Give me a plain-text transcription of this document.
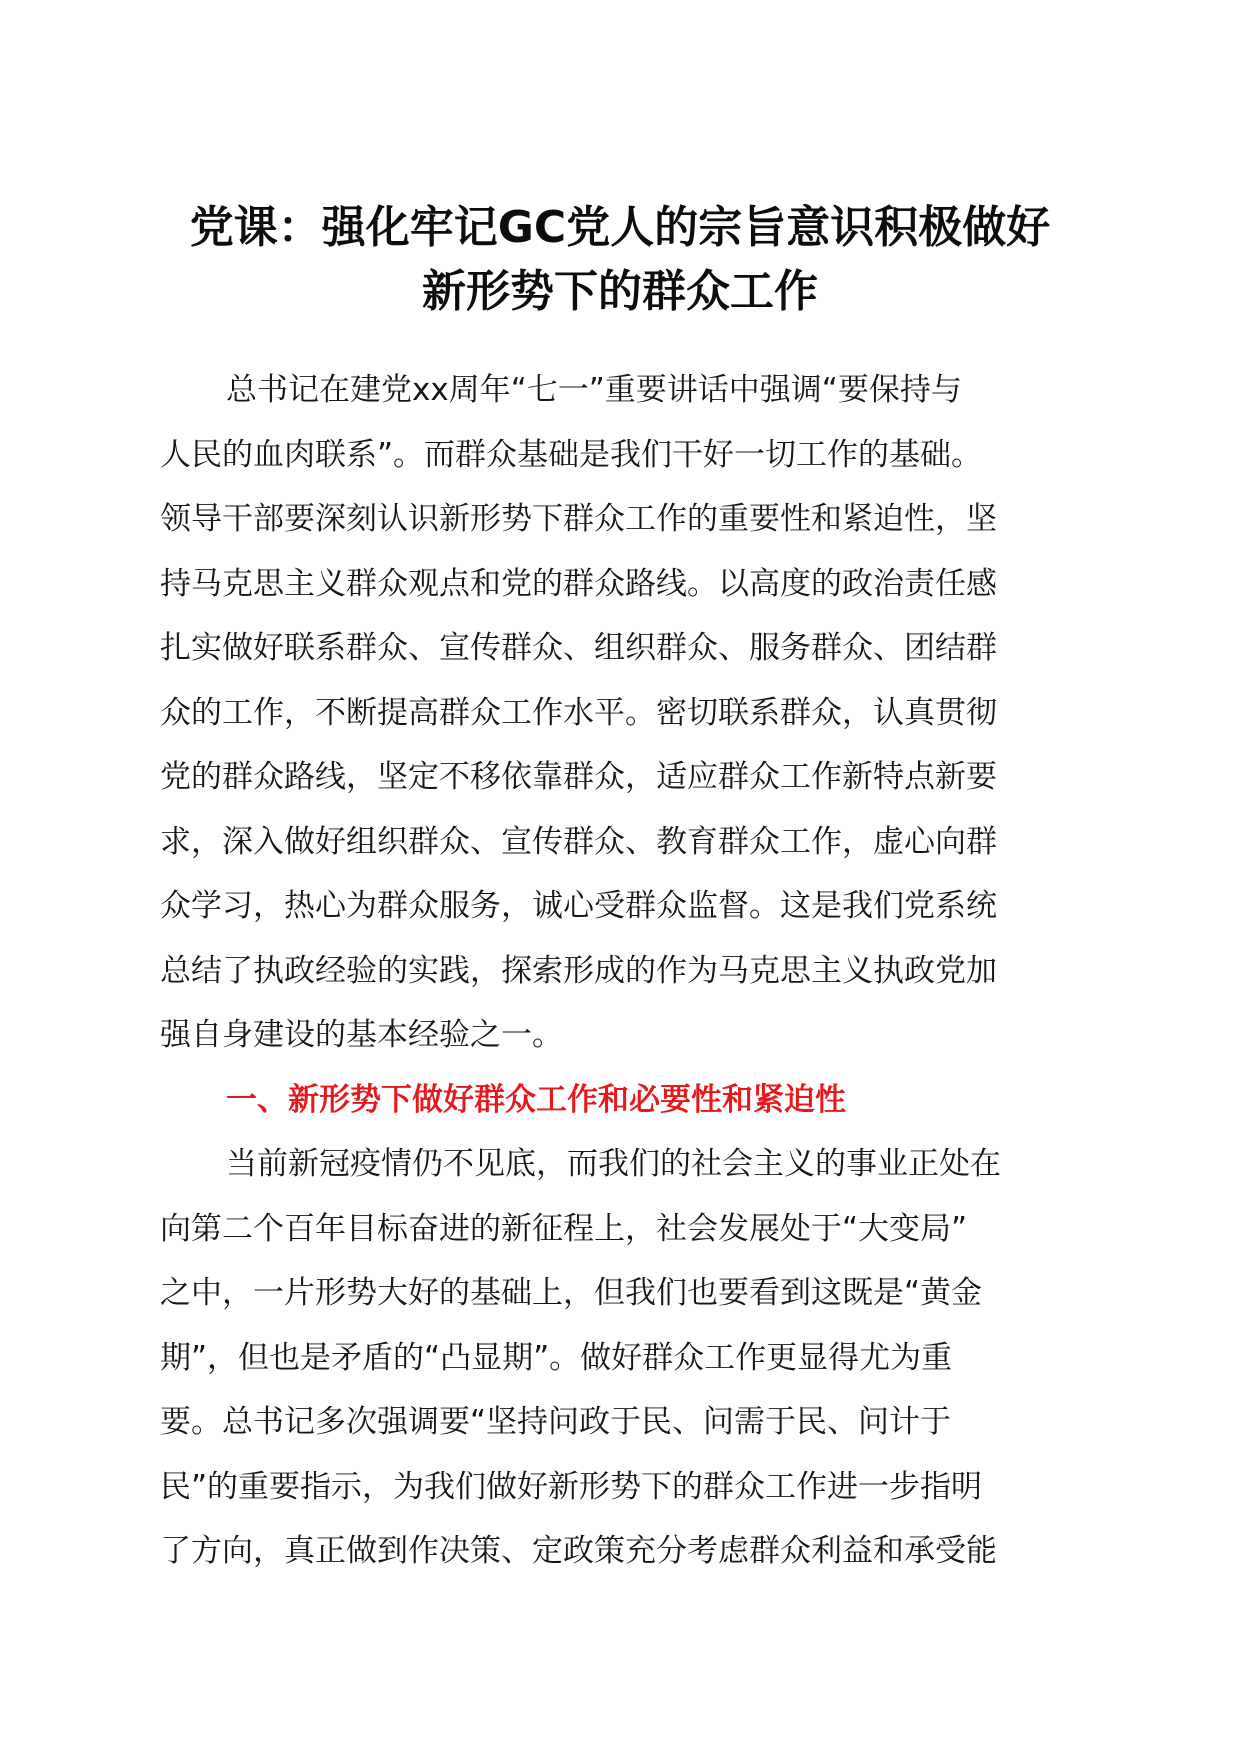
党课：强化牢记GC党人的宗旨意识积极做好
新形势下的群众工作
总书记在建党xx周年“七一”重要讲话中强调“要保持与
人民的血肉联系”。而群众基础是我们干好一切工作的基础。
领导干部要深刻认识新形势下群众工作的重要性和紧迫性，坚
持马克思主义群众观点和党的群众路线。以高度的政治责任感
扎实做好联系群众、宣传群众、组织群众、服务群众、团结群
众的工作，不断提高群众工作水平。密切联系群众，认真贯彻
党的群众路线，坚定不移依靠群众，适应群众工作新特点新要
求，深入做好组织群众、宣传群众、教育群众工作，虚心向群
众学习，热心为群众服务，诚心受群众监督。这是我们党系统
总结了执政经验的实践，探索形成的作为马克思主义执政党加
强自身建设的基本经验之一。
一、新形势下做好群众工作和必要性和紧迫性
当前新冠疫情仍不见底，而我们的社会主义的事业正处在
向第二个百年目标奋进的新征程上，社会发展处于“大变局”
之中，一片形势大好的基础上，但我们也要看到这既是“黄金
期”，但也是矛盾的“凸显期”。做好群众工作更显得尤为重
要。总书记多次强调要“坚持问政于民、问需于民、问计于
民”的重要指示，为我们做好新形势下的群众工作进一步指明
了方向，真正做到作决策、定政策充分考虑群众利益和承受能
